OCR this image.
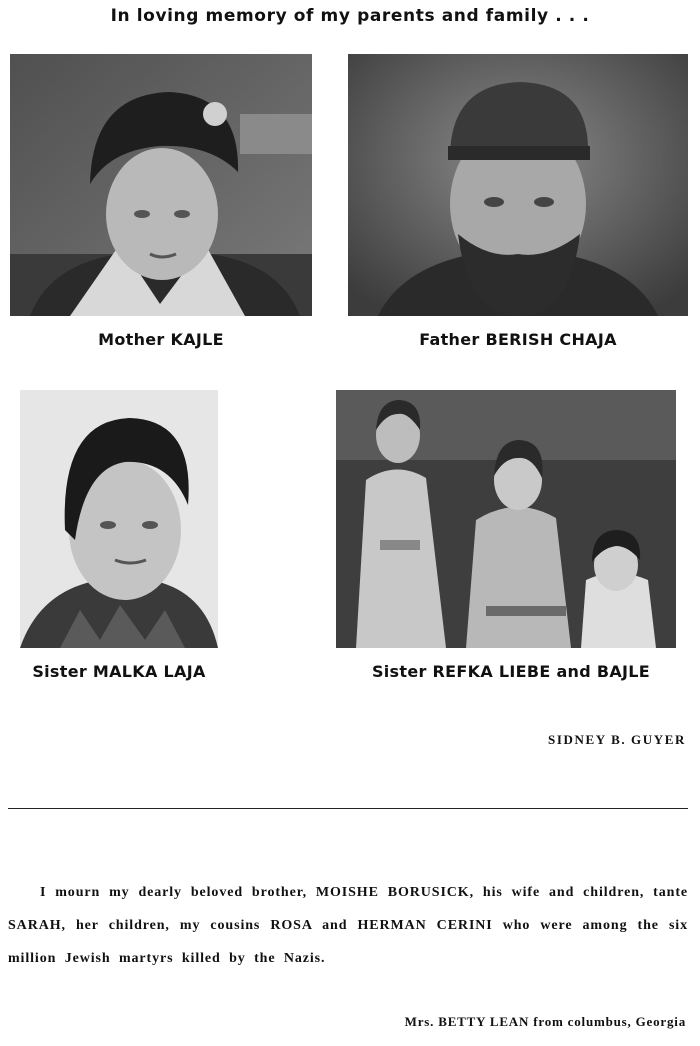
In loving memory of my parents and family . . .
Mother KAJLE	Father BERISH CHAJA
Sister MALKA LAJA	Sister REFKA LIEBE and BAJLE
SIDNEY B. GUYER

I mourn my dearly beloved brother, MOISHE BORUSICK, his wife and children, tante SARAH, her children, my cousins ROSA and HERMAN CERINI who were among the six million Jewish martyrs killed by the Nazis.

Mrs. BETTY LEAN from columbus, Georgia
